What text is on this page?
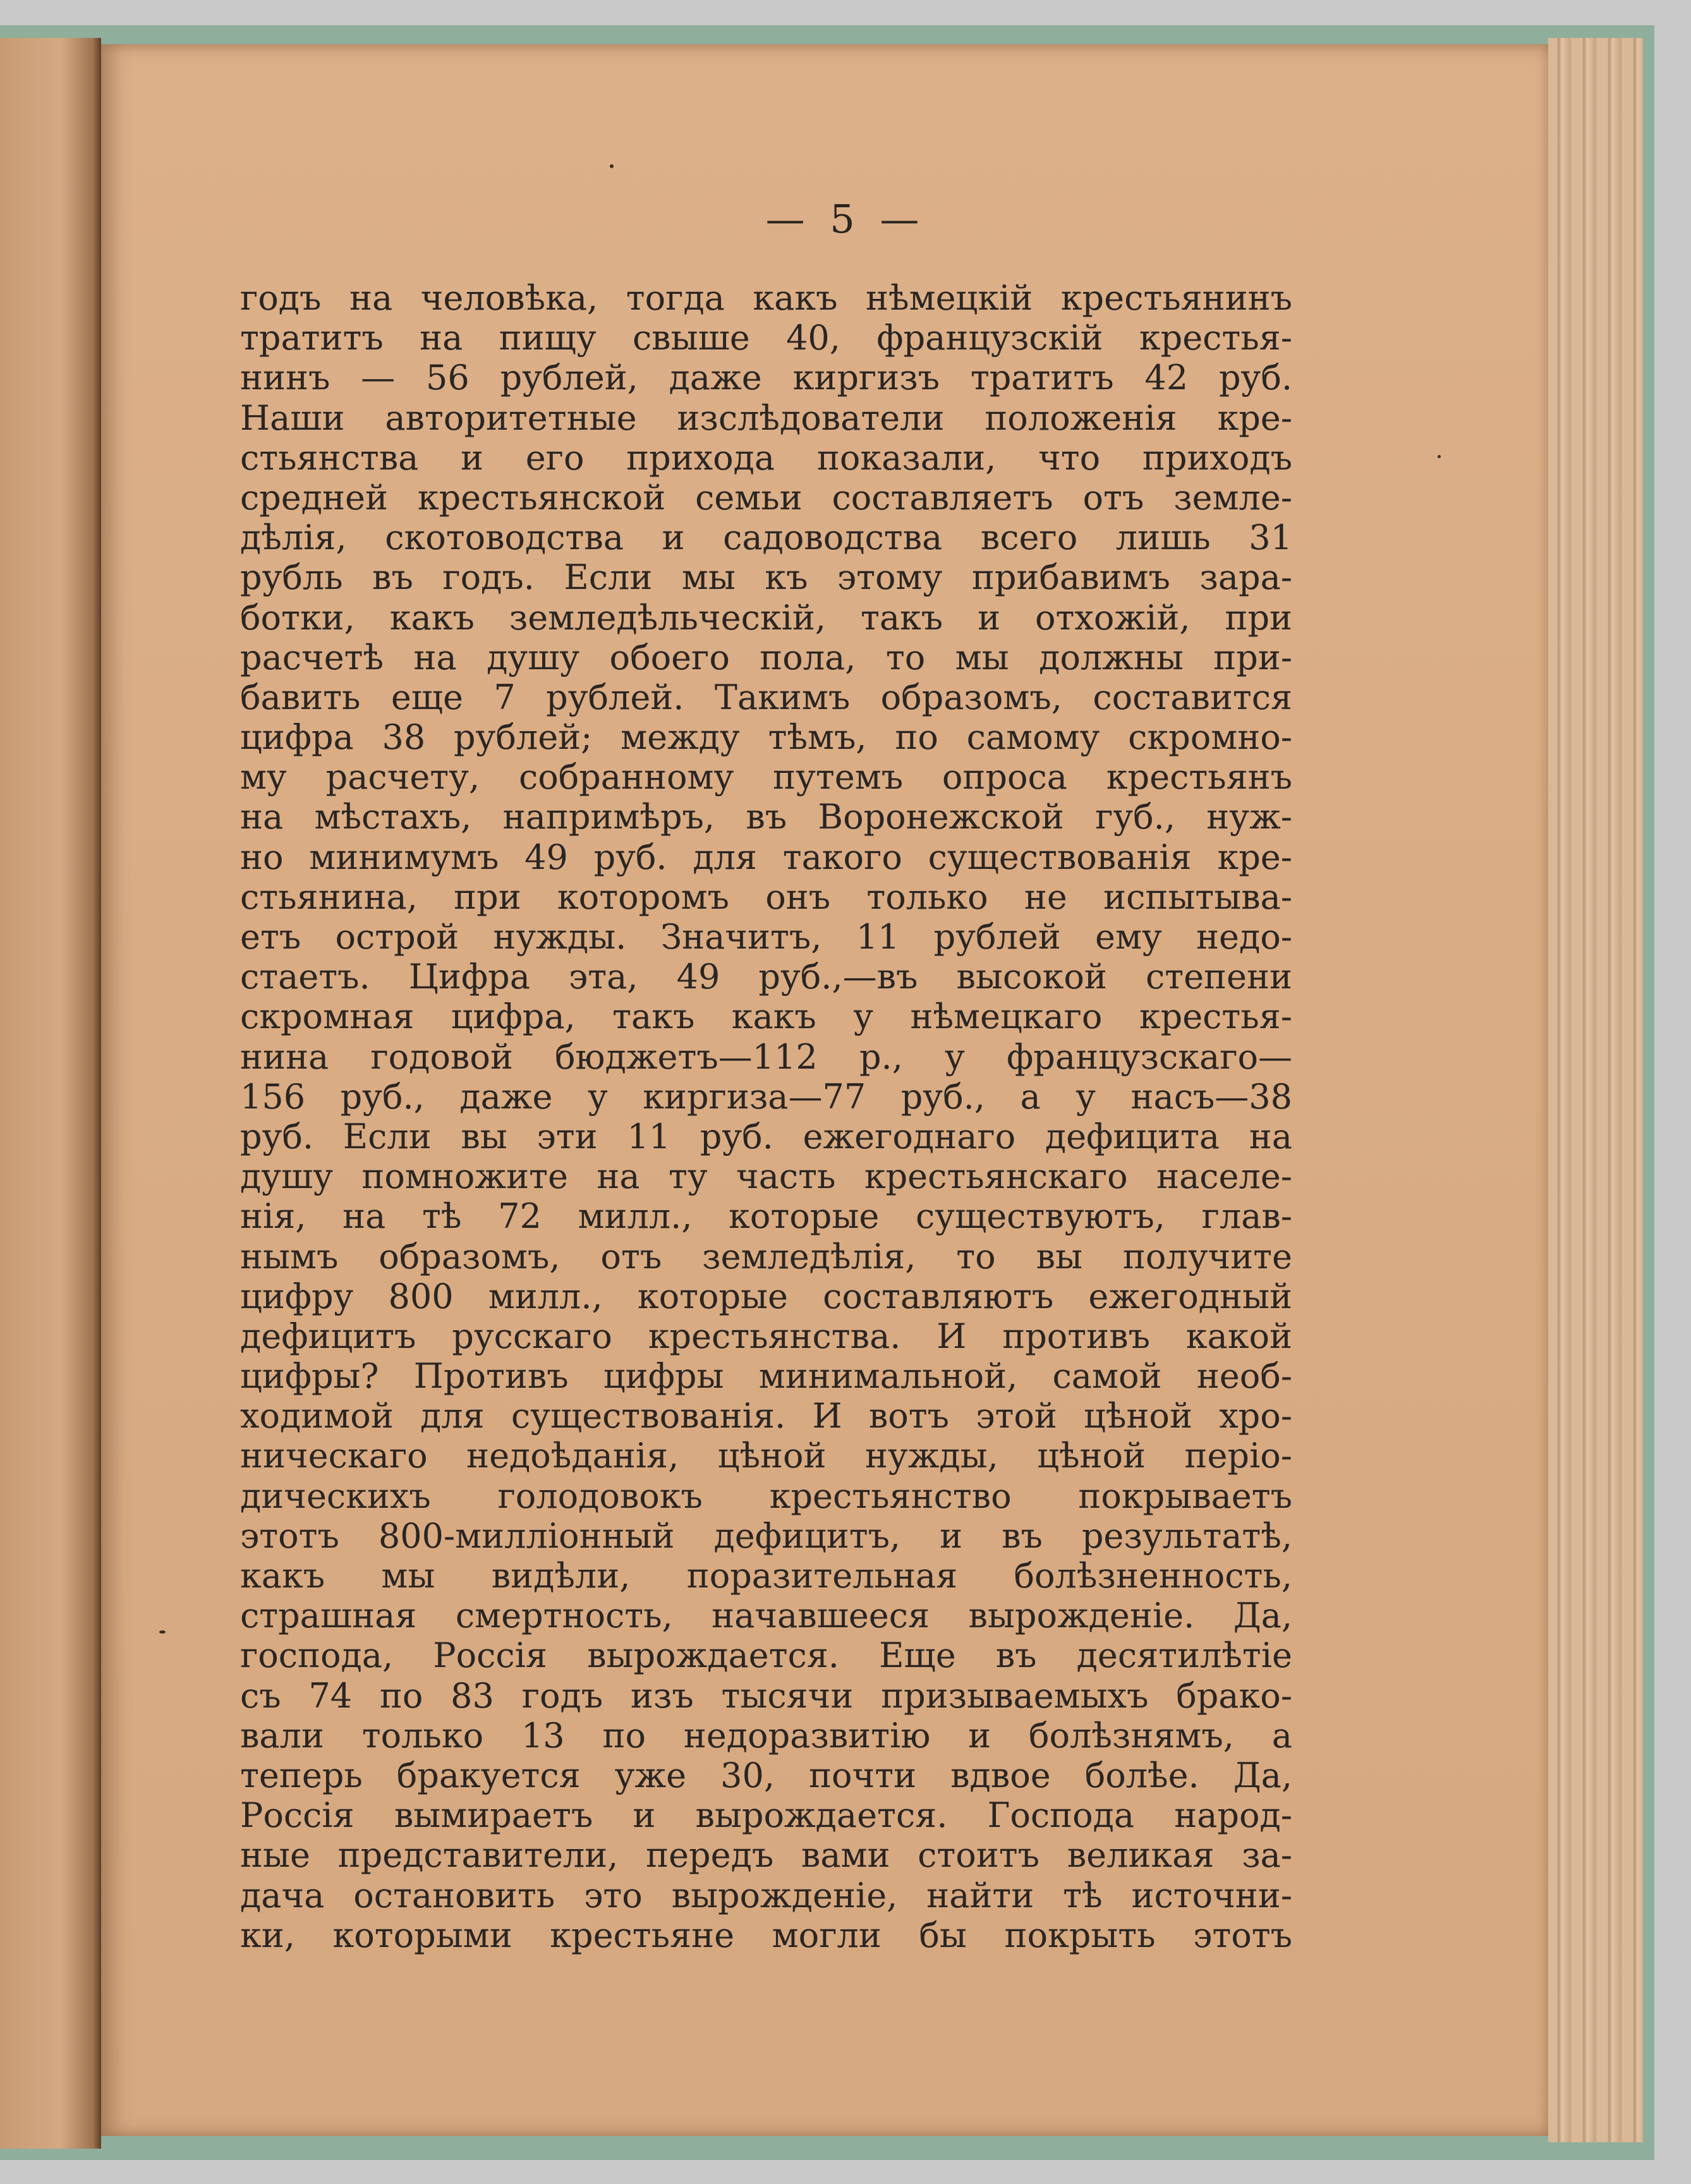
— 5 —
годъ на человѣка, тогда какъ нѣмецкій крестьянинъ
тратитъ на пищу свыше 40, французскій крестья-
нинъ — 56 рублей, даже киргизъ тратитъ 42 руб.
Наши авторитетные изслѣдователи положенія кре-
стьянства и его прихода показали, что приходъ
средней крестьянской семьи составляетъ отъ земле-
дѣлія, скотоводства и садоводства всего лишь 31
рубль въ годъ. Если мы къ этому прибавимъ зара-
ботки, какъ земледѣльческій, такъ и отхожій, при
расчетѣ на душу обоего пола, то мы должны при-
бавить еще 7 рублей. Такимъ образомъ, составится
цифра 38 рублей; между тѣмъ, по самому скромно-
му расчету, собранному путемъ опроса крестьянъ
на мѣстахъ, напримѣръ, въ Воронежской губ., нуж-
но минимумъ 49 руб. для такого существованія кре-
стьянина, при которомъ онъ только не испытыва-
етъ острой нужды. Значитъ, 11 рублей ему недо-
стаетъ. Цифра эта, 49 руб.,—въ высокой степени
скромная цифра, такъ какъ у нѣмецкаго крестья-
нина годовой бюджетъ—112 р., у французскаго—
156 руб., даже у киргиза—77 руб., а у насъ—38
руб. Если вы эти 11 руб. ежегоднаго дефицита на
душу помножите на ту часть крестьянскаго населе-
нія, на тѣ 72 милл., которые существуютъ, глав-
нымъ образомъ, отъ земледѣлія, то вы получите
цифру 800 милл., которые составляютъ ежегодный
дефицитъ русскаго крестьянства. И противъ какой
цифры? Противъ цифры минимальной, самой необ-
ходимой для существованія. И вотъ этой цѣной хро-
ническаго недоѣданія, цѣной нужды, цѣной періо-
дическихъ голодовокъ крестьянство покрываетъ
этотъ 800-милліонный дефицитъ, и въ результатѣ,
какъ мы видѣли, поразительная болѣзненность,
страшная смертность, начавшееся вырожденіе. Да,
господа, Россія вырождается. Еще въ десятилѣтіе
съ 74 по 83 годъ изъ тысячи призываемыхъ брако-
вали только 13 по недоразвитію и болѣзнямъ, а
теперь бракуется уже 30, почти вдвое болѣе. Да,
Россія вымираетъ и вырождается. Господа народ-
ные представители, передъ вами стоитъ великая за-
дача остановить это вырожденіе, найти тѣ источни-
ки, которыми крестьяне могли бы покрыть этотъ
